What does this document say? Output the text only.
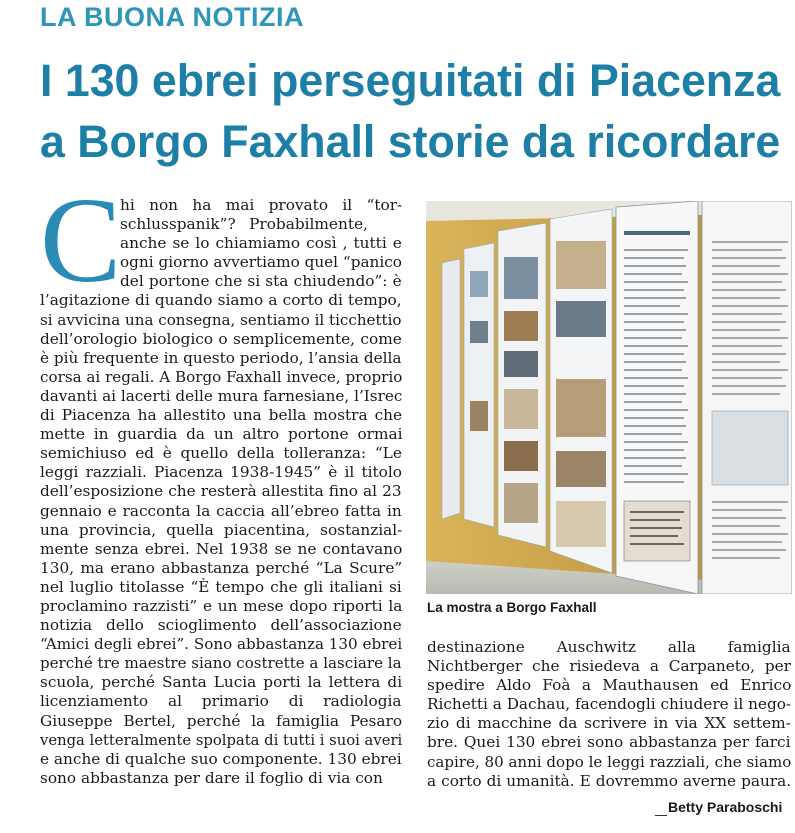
LA BUONA NOTIZIA
I 130 ebrei perseguitati di Piacenza
a Borgo Faxhall storie da ricordare
C
hi non ha mai provato il “tor-
schlusspanik”? Probabilmente,
anche se lo chiamiamo così , tutti e
ogni giorno avvertiamo quel “panico
del portone che si sta chiudendo”: è
l’agitazione di quando siamo a corto di tempo,
si avvicina una consegna, sentiamo il ticchettio
dell’orologio biologico o semplicemente, come
è più frequente in questo periodo, l’ansia della
corsa ai regali. A Borgo Faxhall invece, proprio
davanti ai lacerti delle mura farnesiane, l’Isrec
di Piacenza ha allestito una bella mostra che
mette in guardia da un altro portone ormai
semichiuso ed è quello della tolleranza: “Le
leggi razziali. Piacenza 1938-1945” è il titolo
dell’esposizione che resterà allestita fino al 23
gennaio e racconta la caccia all’ebreo fatta in
una provincia, quella piacentina, sostanzial-
mente senza ebrei. Nel 1938 se ne contavano
130, ma erano abbastanza perché “La Scure”
nel luglio titolasse “È tempo che gli italiani si
proclamino razzisti” e un mese dopo riporti la
notizia dello scioglimento dell’associazione
“Amici degli ebrei”. Sono abbastanza 130 ebrei
perché tre maestre siano costrette a lasciare la
scuola, perché Santa Lucia porti la lettera di
licenziamento al primario di radiologia
Giuseppe Bertel, perché la famiglia Pesaro
venga letteralmente spolpata di tutti i suoi averi
e anche di qualche suo componente. 130 ebrei
sono abbastanza per dare il foglio di via con
La mostra a Borgo Faxhall
destinazione Auschwitz alla famiglia
Nichtberger che risiedeva a Carpaneto, per
spedire Aldo Foà a Mauthausen ed Enrico
Richetti a Dachau, facendogli chiudere il nego-
zio di macchine da scrivere in via XX settem-
bre. Quei 130 ebrei sono abbastanza per farci
capire, 80 anni dopo le leggi razziali, che siamo
a corto di umanità. E dovremmo averne paura.
Betty Paraboschi
